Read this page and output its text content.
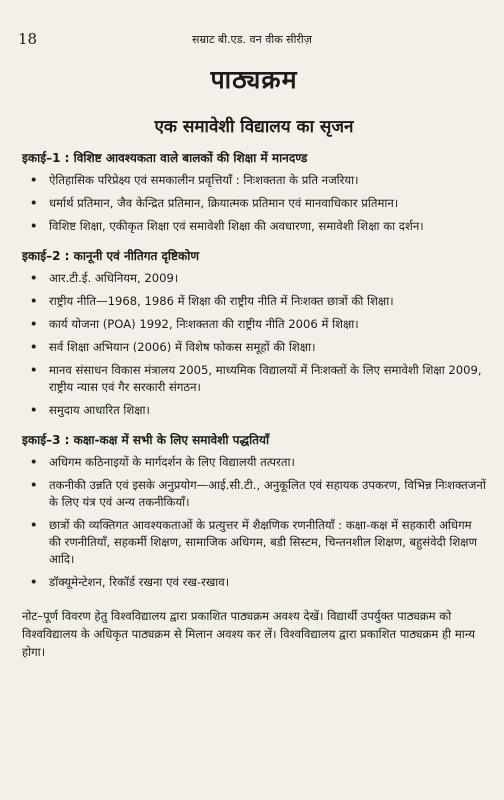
18	सम्राट बी.एड. वन वीक सीरीज़
पाठ्यक्रम
एक समावेशी विद्यालय का सृजन
इकाई–1 : विशिष्ट आवश्यकता वाले बालकों की शिक्षा में मानदण्ड
• ऐतिहासिक परिप्रेक्ष्य एवं समकालीन प्रवृत्तियाँ : निःशक्तता के प्रति नजरिया।
• धर्मार्थ प्रतिमान, जैव केन्द्रित प्रतिमान, क्रियात्मक प्रतिमान एवं मानवाधिकार प्रतिमान।
• विशिष्ट शिक्षा, एकीकृत शिक्षा एवं समावेशी शिक्षा की अवधारणा, समावेशी शिक्षा का दर्शन।
इकाई–2 : कानूनी एवं नीतिगत दृष्टिकोण
• आर.टी.ई. अधिनियम, 2009।
• राष्ट्रीय नीति—1968, 1986 में शिक्षा की राष्ट्रीय नीति में निःशक्त छात्रों की शिक्षा।
• कार्य योजना (POA) 1992, निःशक्तता की राष्ट्रीय नीति 2006 में शिक्षा।
• सर्व शिक्षा अभियान (2006) में विशेष फोकस समूहों की शिक्षा।
• मानव संसाधन विकास मंत्रालय 2005, माध्यमिक विद्यालयों में निःशक्तों के लिए समावेशी शिक्षा 2009, राष्ट्रीय न्यास एवं गैर सरकारी संगठन।
• समुदाय आधारित शिक्षा।
इकाई–3 : कक्षा-कक्ष में सभी के लिए समावेशी पद्धतियाँ
• अधिगम कठिनाइयों के मार्गदर्शन के लिए विद्यालयी तत्परता।
• तकनीकी उन्नति एवं इसके अनुप्रयोग—आई.सी.टी., अनुकूलित एवं सहायक उपकरण, विभिन्न निःशक्तजनों के लिए यंत्र एवं अन्य तकनीकियाँ।
• छात्रों की व्यक्तिगत आवश्यकताओं के प्रत्युत्तर में शैक्षणिक रणनीतियाँ : कक्षा-कक्ष में सहकारी अधिगम की रणनीतियाँ, सहकर्मी शिक्षण, सामाजिक अधिगम, बडी सिस्टम, चिन्तनशील शिक्षण, बहुसंवेदी शिक्षण आदि।
• डॉक्यूमेन्टेशन, रिकॉर्ड रखना एवं रख-रखाव।
नोट–पूर्ण विवरण हेतु विश्वविद्यालय द्वारा प्रकाशित पाठ्यक्रम अवश्य देखें। विद्यार्थी उपर्युक्त पाठ्यक्रम को विश्वविद्यालय के अधिकृत पाठ्यक्रम से मिलान अवश्य कर लें। विश्वविद्यालय द्वारा प्रकाशित पाठ्यक्रम ही मान्य होगा।
